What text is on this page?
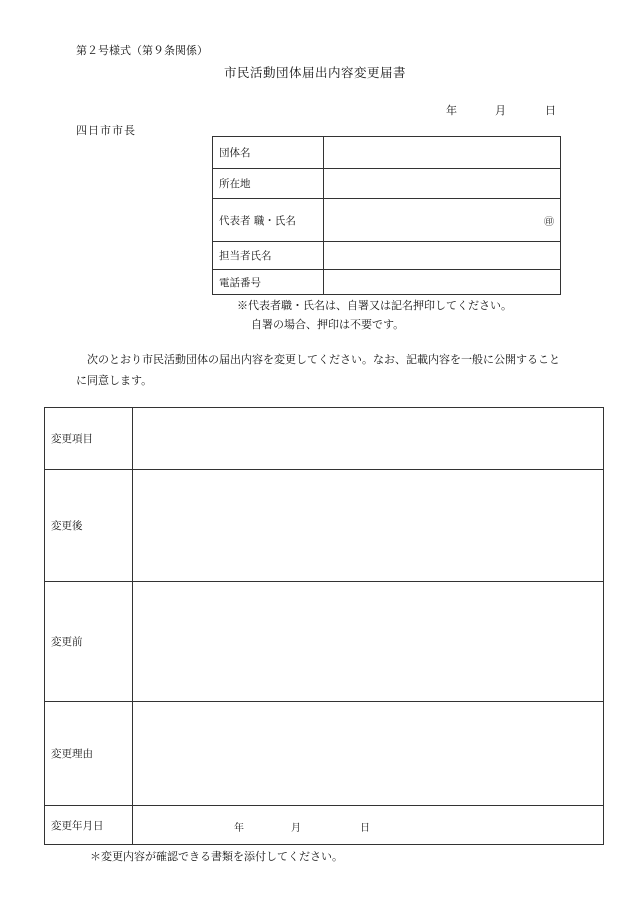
第２号様式（第９条関係）
市民活動団体届出内容変更届書
年	月	日
四日市市長
団体名	
所在地	
代表者 職・氏名	㊞
担当者氏名	
電話番号	
※代表者職・氏名は、自署又は記名押印してください。
自署の場合、押印は不要です。
次のとおり市民活動団体の届出内容を変更してください。なお、記載内容を一般に公開することに同意します。
変更項目	
変更後	
変更前	
変更理由	
変更年月日	年 月 日
＊変更内容が確認できる書類を添付してください。
